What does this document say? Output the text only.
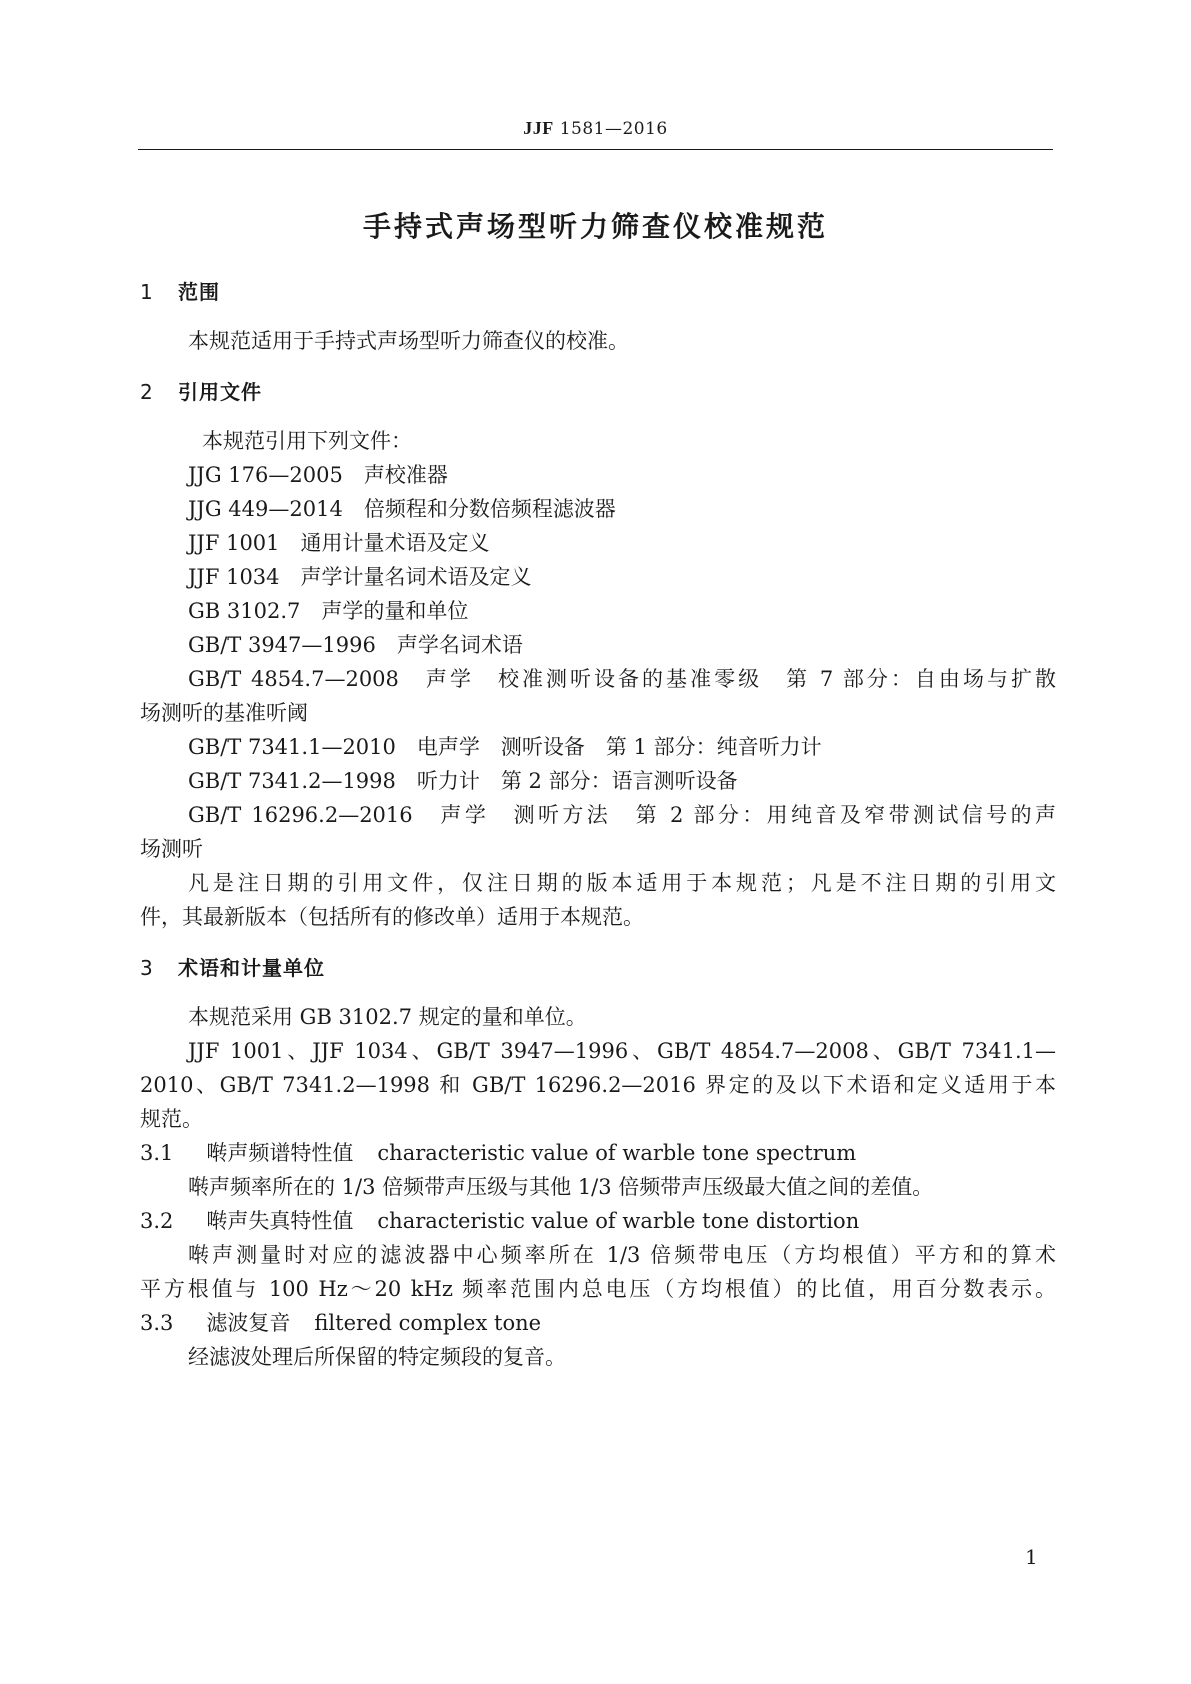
JJF 1581—2016
手持式声场型听力筛查仪校准规范
1 范围
本规范适用于手持式声场型听力筛查仪的校准。
2 引用文件
本规范引用下列文件：
JJG 176—2005　声校准器
JJG 449—2014　倍频程和分数倍频程滤波器
JJF 1001　通用计量术语及定义
JJF 1034　声学计量名词术语及定义
GB 3102.7　声学的量和单位
GB/T 3947—1996　声学名词术语
GB/T 4854.7—2008　声学　校准测听设备的基准零级　第 7 部分：自由场与扩散
场测听的基准听阈
GB/T 7341.1—2010　电声学　测听设备　第 1 部分：纯音听力计
GB/T 7341.2—1998　听力计　第 2 部分：语言测听设备
GB/T 16296.2—2016　声学　测听方法　第 2 部分：用纯音及窄带测试信号的声
场测听
凡是注日期的引用文件，仅注日期的版本适用于本规范；凡是不注日期的引用文
件，其最新版本（包括所有的修改单）适用于本规范。
3 术语和计量单位
本规范采用 GB 3102.7 规定的量和单位。
JJF 1001、JJF 1034、GB/T 3947—1996、GB/T 4854.7—2008、GB/T 7341.1—
2010、GB/T 7341.2—1998 和 GB/T 16296.2—2016 界定的及以下术语和定义适用于本
规范。
3.1 啭声频谱特性值 characteristic value of warble tone spectrum
啭声频率所在的 1/3 倍频带声压级与其他 1/3 倍频带声压级最大值之间的差值。
3.2 啭声失真特性值 characteristic value of warble tone distortion
啭声测量时对应的滤波器中心频率所在 1/3 倍频带电压（方均根值）平方和的算术
平方根值与 100 Hz～20 kHz 频率范围内总电压（方均根值）的比值，用百分数表示。
3.3 滤波复音 filtered complex tone
经滤波处理后所保留的特定频段的复音。
1
